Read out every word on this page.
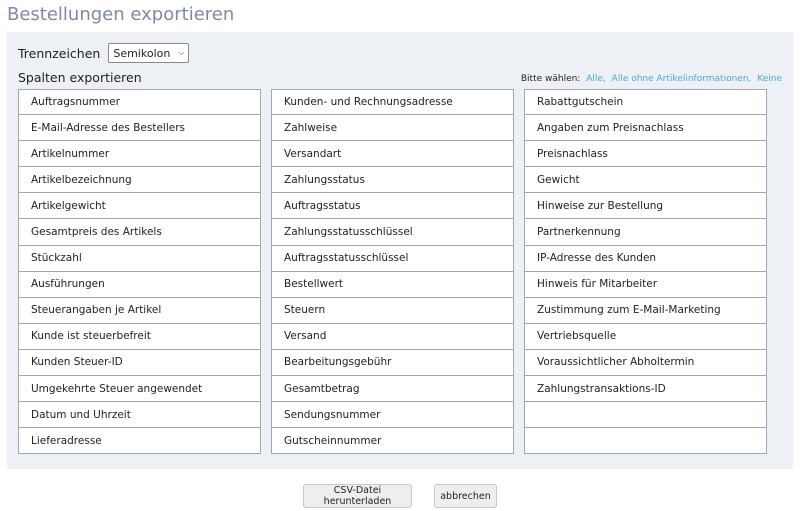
Bestellungen exportieren
Trennzeichen Semikolon ⌵
Spalten exportieren	Bitte wählen: Alle, Alle ohne Artikelinformationen, Keine
Auftragsnummer
E-Mail-Adresse des Bestellers
Artikelnummer
Artikelbezeichnung
Artikelgewicht
Gesamtpreis des Artikels
Stückzahl
Ausführungen
Steuerangaben je Artikel
Kunde ist steuerbefreit
Kunden Steuer-ID
Umgekehrte Steuer angewendet
Datum und Uhrzeit
Lieferadresse
Kunden- und Rechnungsadresse
Zahlweise
Versandart
Zahlungsstatus
Auftragsstatus
Zahlungsstatusschlüssel
Auftragsstatusschlüssel
Bestellwert
Steuern
Versand
Bearbeitungsgebühr
Gesamtbetrag
Sendungsnummer
Gutscheinnummer
Rabattgutschein
Angaben zum Preisnachlass
Preisnachlass
Gewicht
Hinweise zur Bestellung
Partnerkennung
IP-Adresse des Kunden
Hinweis für Mitarbeiter
Zustimmung zum E-Mail-Marketing
Vertriebsquelle
Voraussichtlicher Abholtermin
Zahlungstransaktions-ID
CSV-Datei herunterladen	abbrechen
